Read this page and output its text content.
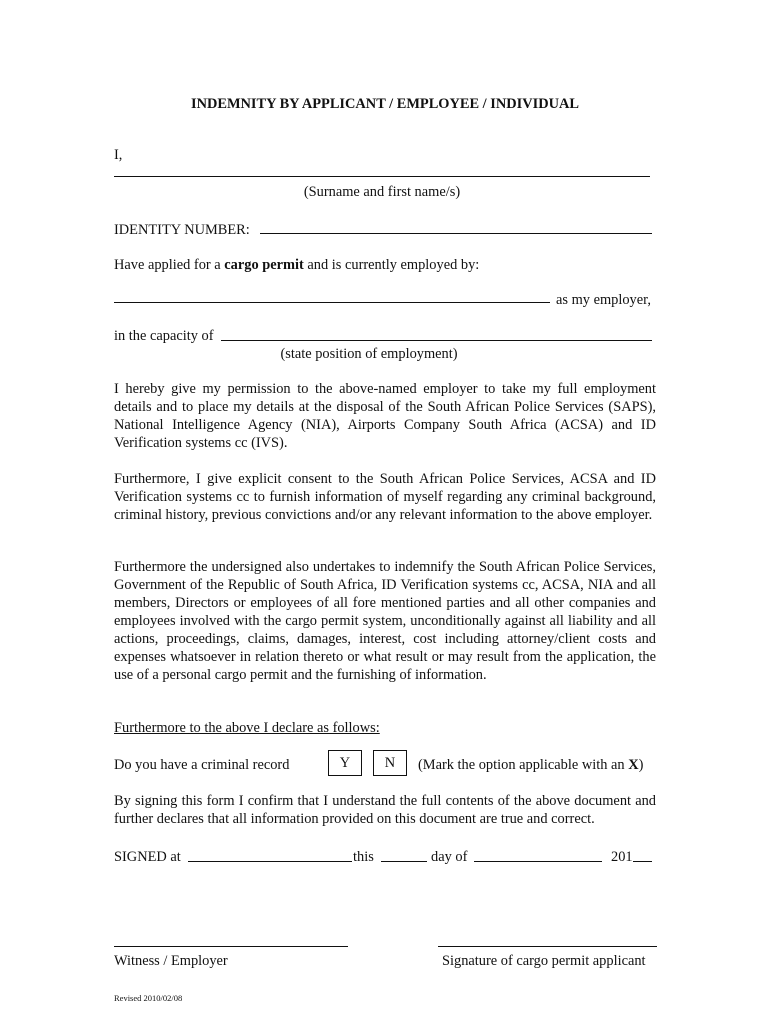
INDEMNITY BY APPLICANT / EMPLOYEE / INDIVIDUAL
I,
(Surname and first name/s)
IDENTITY NUMBER:
Have applied for a cargo permit and is currently employed by:
as my employer,
in the capacity of
(state position of employment)
I hereby give my permission to the above-named employer to take my full employment details and to place my details at the disposal of the South African Police Services (SAPS), National Intelligence Agency (NIA), Airports Company South Africa (ACSA) and ID Verification systems cc (IVS).
Furthermore, I give explicit consent to the South African Police Services, ACSA and ID Verification systems cc to furnish information of myself regarding any criminal background, criminal history, previous convictions and/or any relevant information to the above employer.
Furthermore the undersigned also undertakes to indemnify the South African Police Services, Government of the Republic of South Africa, ID Verification systems cc, ACSA, NIA and all members, Directors or employees of all fore mentioned parties and all other companies and employees involved with the cargo permit system, unconditionally against all liability and all actions, proceedings, claims, damages, interest, cost including attorney/client costs and expenses whatsoever in relation thereto or what result or may result from the application, the use of a personal cargo permit and the furnishing of information.
Furthermore to the above I declare as follows:
Do you have a criminal record	Y	N	(Mark the option applicable with an X)
By signing this form I confirm that I understand the full contents of the above document and further declares that all information provided on this document are true and correct.
SIGNED at	this	day of	201
Witness / Employer	Signature of cargo permit applicant
Revised 2010/02/08
